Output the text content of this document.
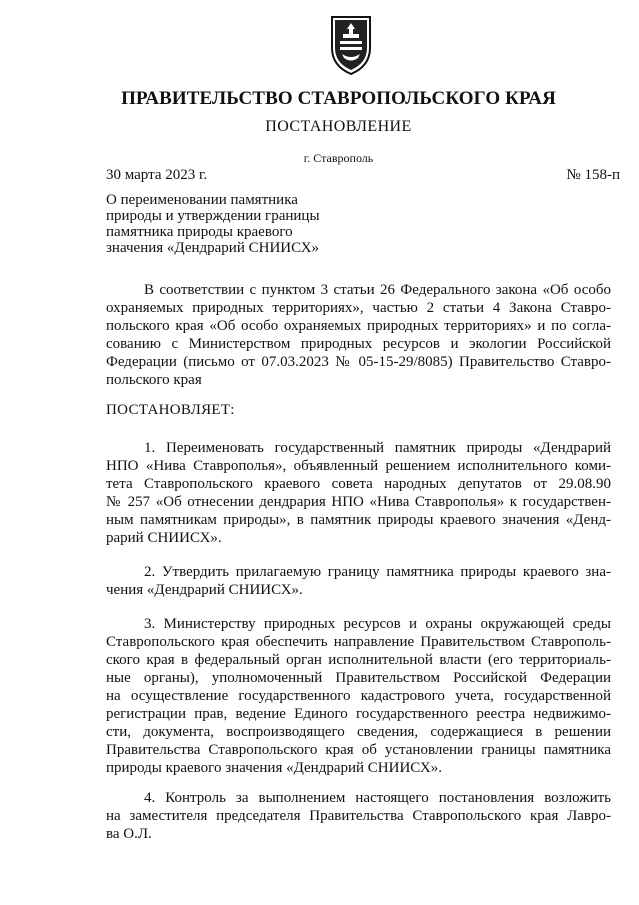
ПРАВИТЕЛЬСТВО СТАВРОПОЛЬСКОГО КРАЯ
ПОСТАНОВЛЕНИЕ
г. Ставрополь
30 марта 2023 г.	№ 158-п
О переименовании памятника
природы и утверждении границы
памятника природы краевого
значения «Дендрарий СНИИСХ»
В соответствии с пунктом 3 статьи 26 Федерального закона «Об особо
охраняемых природных территориях», частью 2 статьи 4 Закона Ставро-
польского края «Об особо охраняемых природных территориях» и по согла-
сованию с Министерством природных ресурсов и экологии Российской
Федерации (письмо от 07.03.2023 № 05-15-29/8085) Правительство Ставро-
польского края
ПОСТАНОВЛЯЕТ:
1. Переименовать государственный памятник природы «Дендрарий
НПО «Нива Ставрополья», объявленный решением исполнительного коми-
тета Ставропольского краевого совета народных депутатов от 29.08.90
№ 257 «Об отнесении дендрария НПО «Нива Ставрополья» к государствен-
ным памятникам природы», в памятник природы краевого значения «Денд-
рарий СНИИСХ».
2. Утвердить прилагаемую границу памятника природы краевого зна-
чения «Дендрарий СНИИСХ».
3. Министерству природных ресурсов и охраны окружающей среды
Ставропольского края обеспечить направление Правительством Ставрополь-
ского края в федеральный орган исполнительной власти (его территориаль-
ные органы), уполномоченный Правительством Российской Федерации
на осуществление государственного кадастрового учета, государственной
регистрации прав, ведение Единого государственного реестра недвижимо-
сти, документа, воспроизводящего сведения, содержащиеся в решении
Правительства Ставропольского края об установлении границы памятника
природы краевого значения «Дендрарий СНИИСХ».
4. Контроль за выполнением настоящего постановления возложить
на заместителя председателя Правительства Ставропольского края Лавро-
ва О.Л.
